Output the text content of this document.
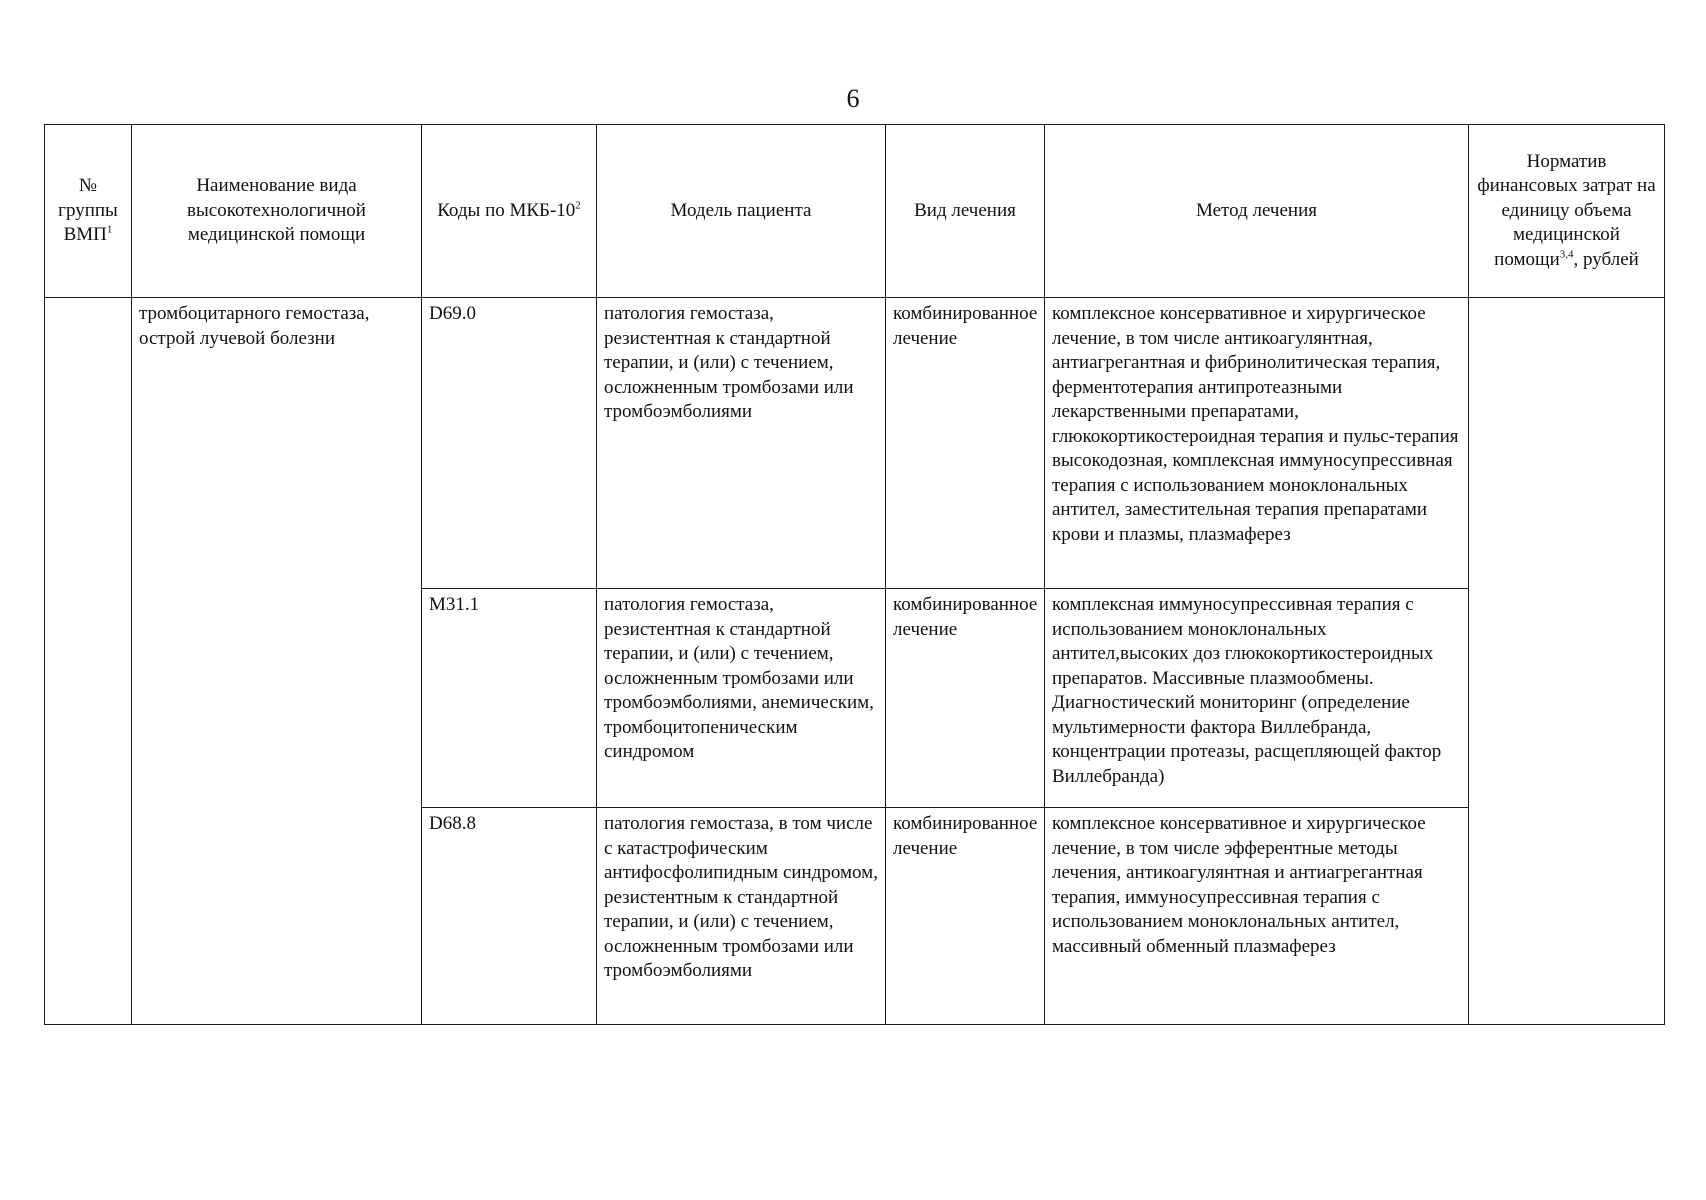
6
№ группы ВМП$^1$	Наименование вида высокотехнологичной медицинской помощи	Коды по МКБ-$10^2$	Модель пациента	Вид лечения	Метод лечения	Норматив финансовых затрат на единицу объема медицинской помощи$^{3,4}$, рублей
	тромбоцитарного гемостаза, острой лучевой болезни	D69.0	патология гемостаза, резистентная к стандартной терапии, и (или) с течением, осложненным тромбозами или тромбоэмболиями	комбинированное лечение	комплексное консервативное и хирургическое лечение, в том числе антикоагулянтная, антиагрегантная и фибринолитическая терапия, ферментотерапия антипротеазными лекарственными препаратами, глюкокортикостероидная терапия и пульс-терапия высокодозная, комплексная иммуносупрессивная терапия с использованием моноклональных антител, заместительная терапия препаратами крови и плазмы, плазмаферез	
		M31.1	патология гемостаза, резистентная к стандартной терапии, и (или) с течением, осложненным тромбозами или тромбоэмболиями, анемическим, тромбоцитопеническим синдромом	комбинированное лечение	комплексная иммуносупрессивная терапия с использованием моноклональных антител,высоких доз глюкокортикостероидных препаратов. Массивные плазмообмены. Диагностический мониторинг (определение мультимерности фактора Виллебранда, концентрации протеазы, расщепляющей фактор Виллебранда)	
		D68.8	патология гемостаза, в том числе с катастрофическим антифосфолипидным синдромом, резистентным к стандартной терапии, и (или) с течением, осложненным тромбозами или тромбоэмболиями	комбинированное лечение	комплексное консервативное и хирургическое лечение, в том числе эфферентные методы лечения, антикоагулянтная и антиагрегантная терапия, иммуносупрессивная терапия с использованием моноклональных антител, массивный обменный плазмаферез	
